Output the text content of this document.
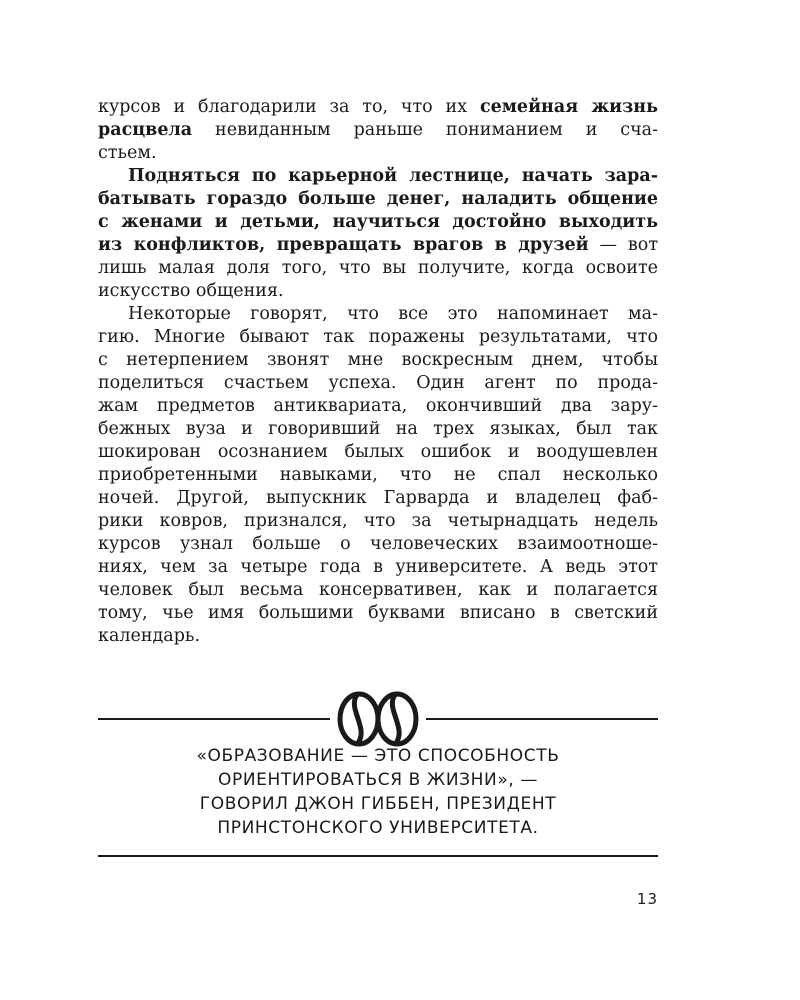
курсов и благодарили за то, что их семейная жизнь
расцвела невиданным раньше пониманием и сча-
стьем.
Подняться по карьерной лестнице, начать зара-
батывать гораздо больше денег, наладить общение
с женами и детьми, научиться достойно выходить
из конфликтов, превращать врагов в друзей — вот
лишь малая доля того, что вы получите, когда освоите
искусство общения.
Некоторые говорят, что все это напоминает ма-
гию. Многие бывают так поражены результатами, что
с нетерпением звонят мне воскресным днем, чтобы
поделиться счастьем успеха. Один агент по прода-
жам предметов антиквариата, окончивший два зару-
бежных вуза и говоривший на трех языках, был так
шокирован осознанием былых ошибок и воодушевлен
приобретенными навыками, что не спал несколько
ночей. Другой, выпускник Гарварда и владелец фаб-
рики ковров, признался, что за четырнадцать недель
курсов узнал больше о человеческих взаимоотноше-
ниях, чем за четыре года в университете. А ведь этот
человек был весьма консервативен, как и полагается
тому, чье имя большими буквами вписано в светский
календарь.
«ОБРАЗОВАНИЕ — ЭТО СПОСОБНОСТЬ
ОРИЕНТИРОВАТЬСЯ В ЖИЗНИ», —
ГОВОРИЛ ДЖОН ГИББЕН, ПРЕЗИДЕНТ
ПРИНСТОНСКОГО УНИВЕРСИТЕТА.
13
